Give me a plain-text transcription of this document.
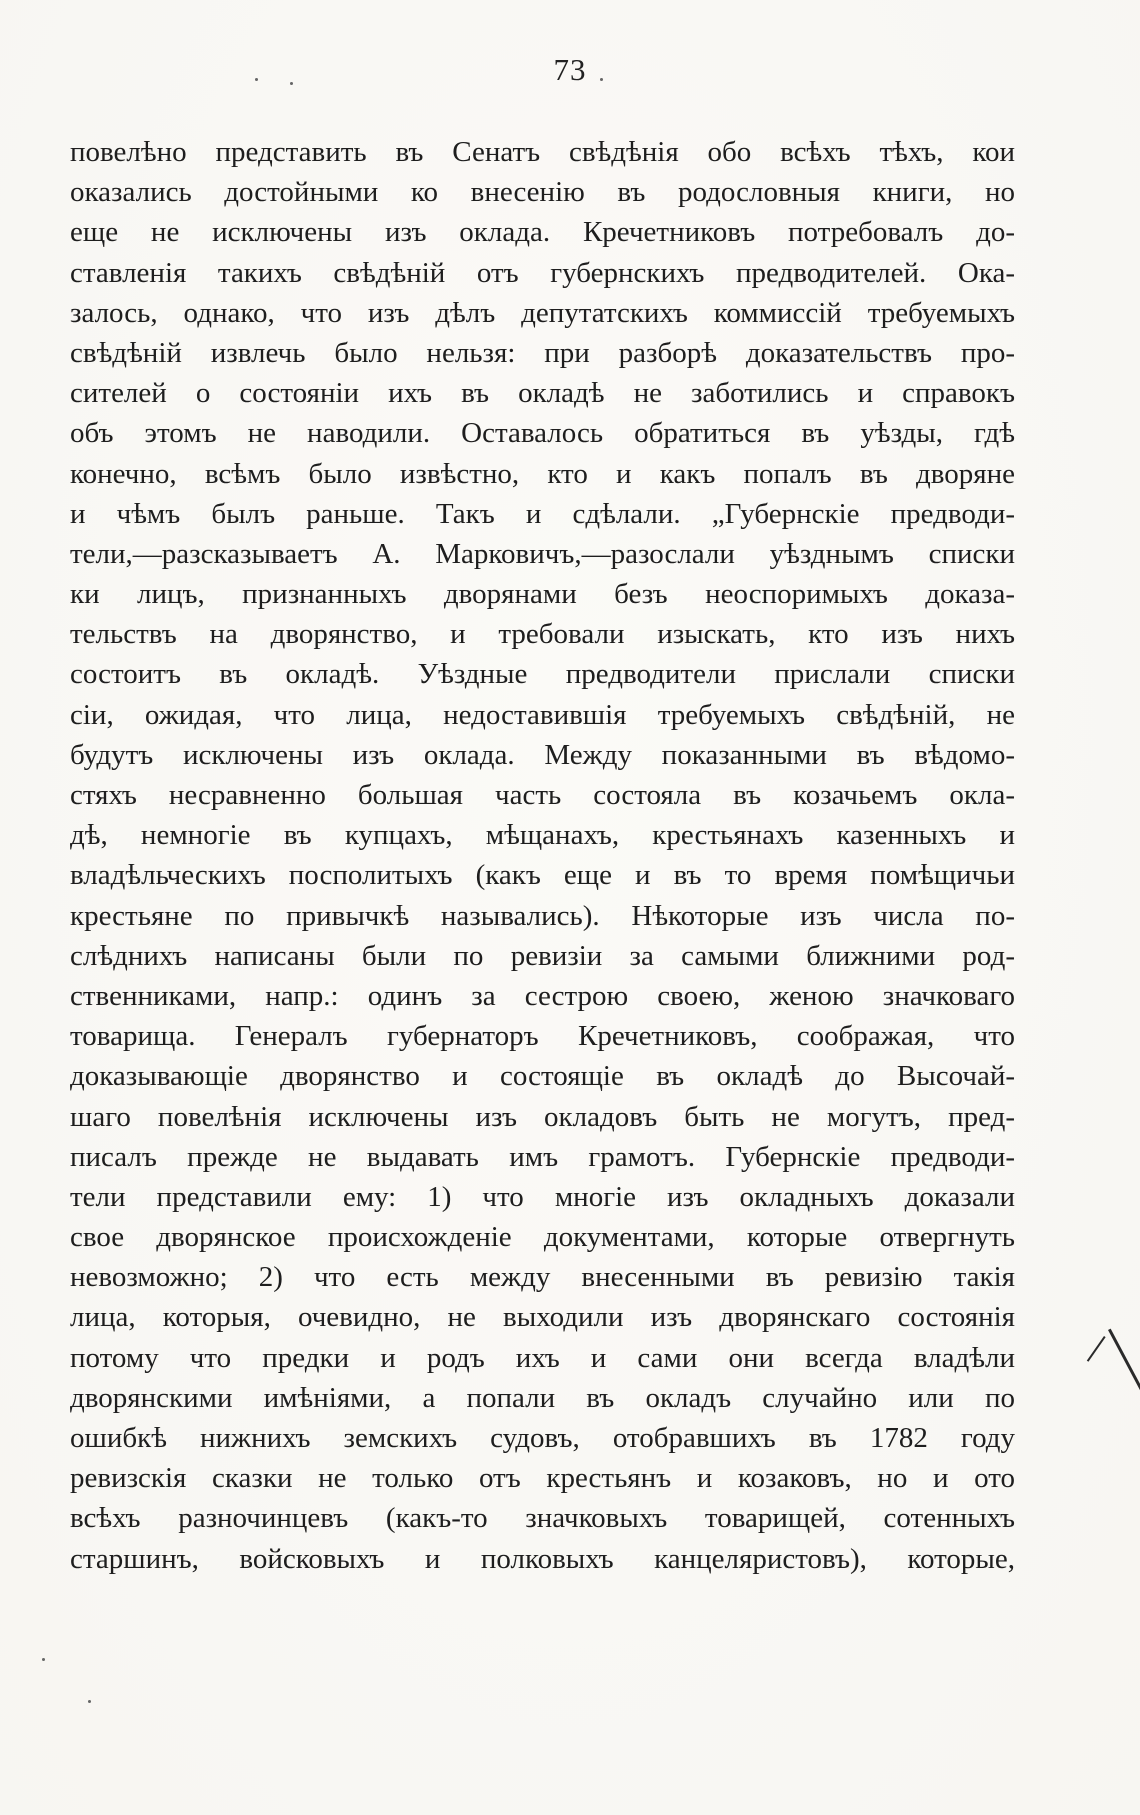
73
повелѣно представить въ Сенатъ свѣдѣнія обо всѣхъ тѣхъ, кои
оказались достойными ко внесенію въ родословныя книги, но
еще не исключены изъ оклада. Кречетниковъ потребовалъ до-
ставленія такихъ свѣдѣній отъ губернскихъ предводителей. Ока-
залось, однако, что изъ дѣлъ депутатскихъ коммиссій требуемыхъ
свѣдѣній извлечь было нельзя: при разборѣ доказательствъ про-
сителей о состояніи ихъ въ окладѣ не заботились и справокъ
объ этомъ не наводили. Оставалось обратиться въ уѣзды, гдѣ
конечно, всѣмъ было извѣстно, кто и какъ попалъ въ дворяне
и чѣмъ былъ раньше. Такъ и сдѣлали. „Губернскіе предводи-
тели,—разсказываетъ А. Марковичъ,—разослали уѣзднымъ списки
ки лицъ, признанныхъ дворянами безъ неоспоримыхъ доказа-
тельствъ на дворянство, и требовали изыскать, кто изъ нихъ
состоитъ въ окладѣ. Уѣздные предводители прислали списки
сіи, ожидая, что лица, недоставившія требуемыхъ свѣдѣній, не
будутъ исключены изъ оклада. Между показанными въ вѣдомо-
стяхъ несравненно большая часть состояла въ козачьемъ окла-
дѣ, немногіе въ купцахъ, мѣщанахъ, крестьянахъ казенныхъ и
владѣльческихъ посполитыхъ (какъ еще и въ то время помѣщичьи
крестьяне по привычкѣ назывались). Нѣкоторые изъ числа по-
слѣднихъ написаны были по ревизіи за самыми ближними род-
ственниками, напр.: одинъ за сестрою своею, женою значковаго
товарища. Генералъ губернаторъ Кречетниковъ, соображая, что
доказывающіе дворянство и состоящіе въ окладѣ до Высочай-
шаго повелѣнія исключены изъ окладовъ быть не могутъ, пред-
писалъ прежде не выдавать имъ грамотъ. Губернскіе предводи-
тели представили ему: 1) что многіе изъ окладныхъ доказали
свое дворянское происхожденіе документами, которые отвергнуть
невозможно; 2) что есть между внесенными въ ревизію такія
лица, которыя, очевидно, не выходили изъ дворянскаго состоянія
потому что предки и родъ ихъ и сами они всегда владѣли
дворянскими имѣніями, а попали въ окладъ случайно или по
ошибкѣ нижнихъ земскихъ судовъ, отобравшихъ въ 1782 году
ревизскія сказки не только отъ крестьянъ и козаковъ, но и ото
всѣхъ разночинцевъ (какъ-то значковыхъ товарищей, сотенныхъ
старшинъ, войсковыхъ и полковыхъ канцеляристовъ), которые,
